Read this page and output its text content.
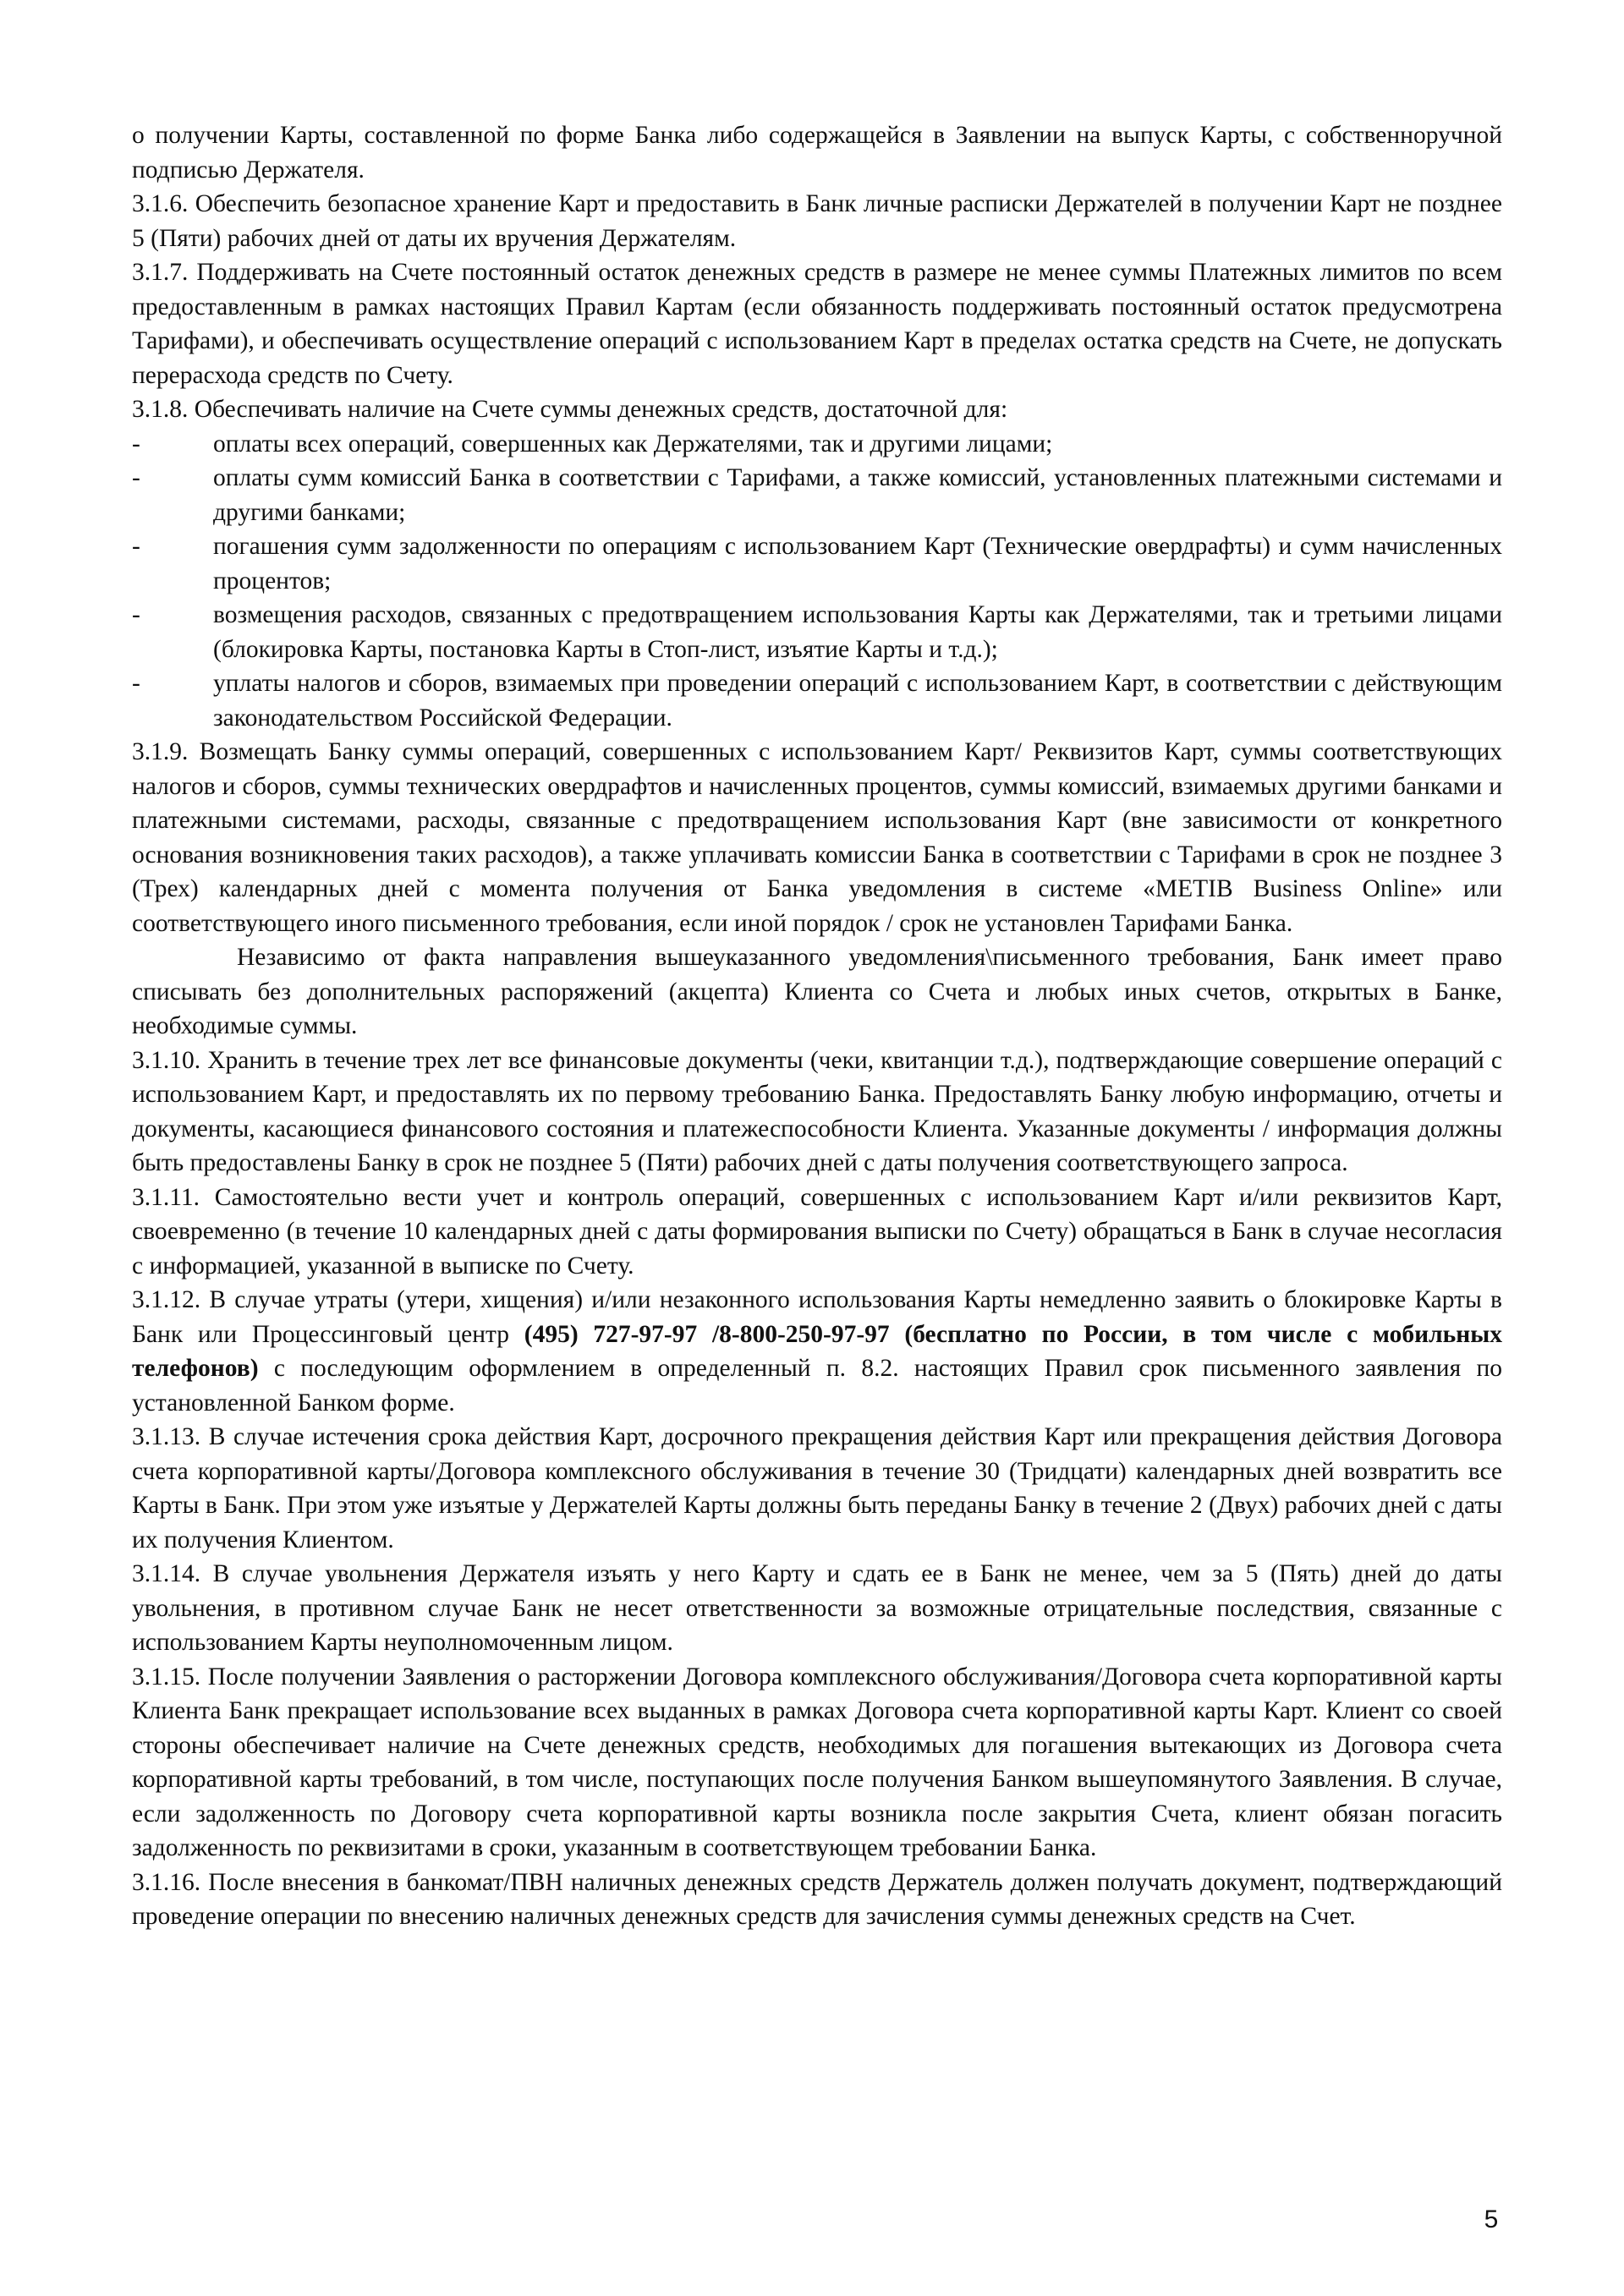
о получении Карты, составленной по форме Банка либо содержащейся в Заявлении на выпуск Карты, с собственноручной подписью Держателя.

3.1.6. Обеспечить безопасное хранение Карт и предоставить в Банк личные расписки Держателей в получении Карт не позднее 5 (Пяти) рабочих дней от даты их вручения Держателям.

3.1.7. Поддерживать на Счете постоянный остаток денежных средств в размере не менее суммы Платежных лимитов по всем предоставленным в рамках настоящих Правил Картам (если обязанность поддерживать постоянный остаток предусмотрена Тарифами), и обеспечивать осуществление операций с использованием Карт в пределах остатка средств на Счете, не допускать перерасхода средств по Счету.

3.1.8. Обеспечивать наличие на Счете суммы денежных средств, достаточной для:

-	оплаты всех операций, совершенных как Держателями, так и другими лицами;
-	оплаты сумм комиссий Банка в соответствии с Тарифами, а также комиссий, установленных платежными системами и другими банками;
-	погашения сумм задолженности по операциям с использованием Карт (Технические овердрафты) и сумм начисленных процентов;
-	возмещения расходов, связанных с предотвращением использования Карты как Держателями, так и третьими лицами (блокировка Карты, постановка Карты в Стоп-лист, изъятие Карты и т.д.);
-	уплаты налогов и сборов, взимаемых при проведении операций с использованием Карт, в соответствии с действующим законодательством Российской Федерации.

3.1.9. Возмещать Банку суммы операций, совершенных с использованием Карт/ Реквизитов Карт, суммы соответствующих налогов и сборов, суммы технических овердрафтов и начисленных процентов, суммы комиссий, взимаемых другими банками и платежными системами, расходы, связанные с предотвращением использования Карт (вне зависимости от конкретного основания возникновения таких расходов), а также уплачивать комиссии Банка в соответствии с Тарифами в срок не позднее 3 (Трех) календарных дней с момента получения от Банка уведомления в системе «METIB Business Online» или соответствующего иного письменного требования, если иной порядок / срок не установлен Тарифами Банка.

Независимо от факта направления вышеуказанного уведомления\письменного требования, Банк имеет право списывать без дополнительных распоряжений (акцепта) Клиента со Счета и любых иных счетов, открытых в Банке, необходимые суммы.

3.1.10. Хранить в течение трех лет все финансовые документы (чеки, квитанции т.д.), подтверждающие совершение операций с использованием Карт, и предоставлять их по первому требованию Банка. Предоставлять Банку любую информацию, отчеты и документы, касающиеся финансового состояния и платежеспособности Клиента. Указанные документы / информация должны быть предоставлены Банку в срок не позднее 5 (Пяти) рабочих дней с даты получения соответствующего запроса.

3.1.11. Самостоятельно вести учет и контроль операций, совершенных с использованием Карт и/или реквизитов Карт, своевременно (в течение 10 календарных дней с даты формирования выписки по Счету) обращаться в Банк в случае несогласия с информацией, указанной в выписке по Счету.

3.1.12. В случае утраты (утери, хищения) и/или незаконного использования Карты немедленно заявить о блокировке Карты в Банк или Процессинговый центр (495) 727-97-97 /8-800-250-97-97 (бесплатно по России, в том числе с мобильных телефонов) с последующим оформлением в определенный п. 8.2. настоящих Правил срок письменного заявления по установленной Банком форме.

3.1.13. В случае истечения срока действия Карт, досрочного прекращения действия Карт или прекращения действия Договора счета корпоративной карты/Договора комплексного обслуживания в течение 30 (Тридцати) календарных дней возвратить все Карты в Банк. При этом уже изъятые у Держателей Карты должны быть переданы Банку в течение 2 (Двух) рабочих дней с даты их получения Клиентом.

3.1.14. В случае увольнения Держателя изъять у него Карту и сдать ее в Банк не менее, чем за 5 (Пять) дней до даты увольнения, в противном случае Банк не несет ответственности за возможные отрицательные последствия, связанные с использованием Карты неуполномоченным лицом.

3.1.15. После получении Заявления о расторжении Договора комплексного обслуживания/Договора счета корпоративной карты Клиента Банк прекращает использование всех выданных в рамках Договора счета корпоративной карты Карт. Клиент со своей стороны обеспечивает наличие на Счете денежных средств, необходимых для погашения вытекающих из Договора счета корпоративной карты требований, в том числе, поступающих после получения Банком вышеупомянутого Заявления. В случае, если задолженность по Договору счета корпоративной карты возникла после закрытия Счета, клиент обязан погасить задолженность по реквизитами в сроки, указанным в соответствующем требовании Банка.

3.1.16. После внесения в банкомат/ПВН наличных денежных средств Держатель должен получать документ, подтверждающий проведение операции по внесению наличных денежных средств для зачисления суммы денежных средств на Счет.

5
